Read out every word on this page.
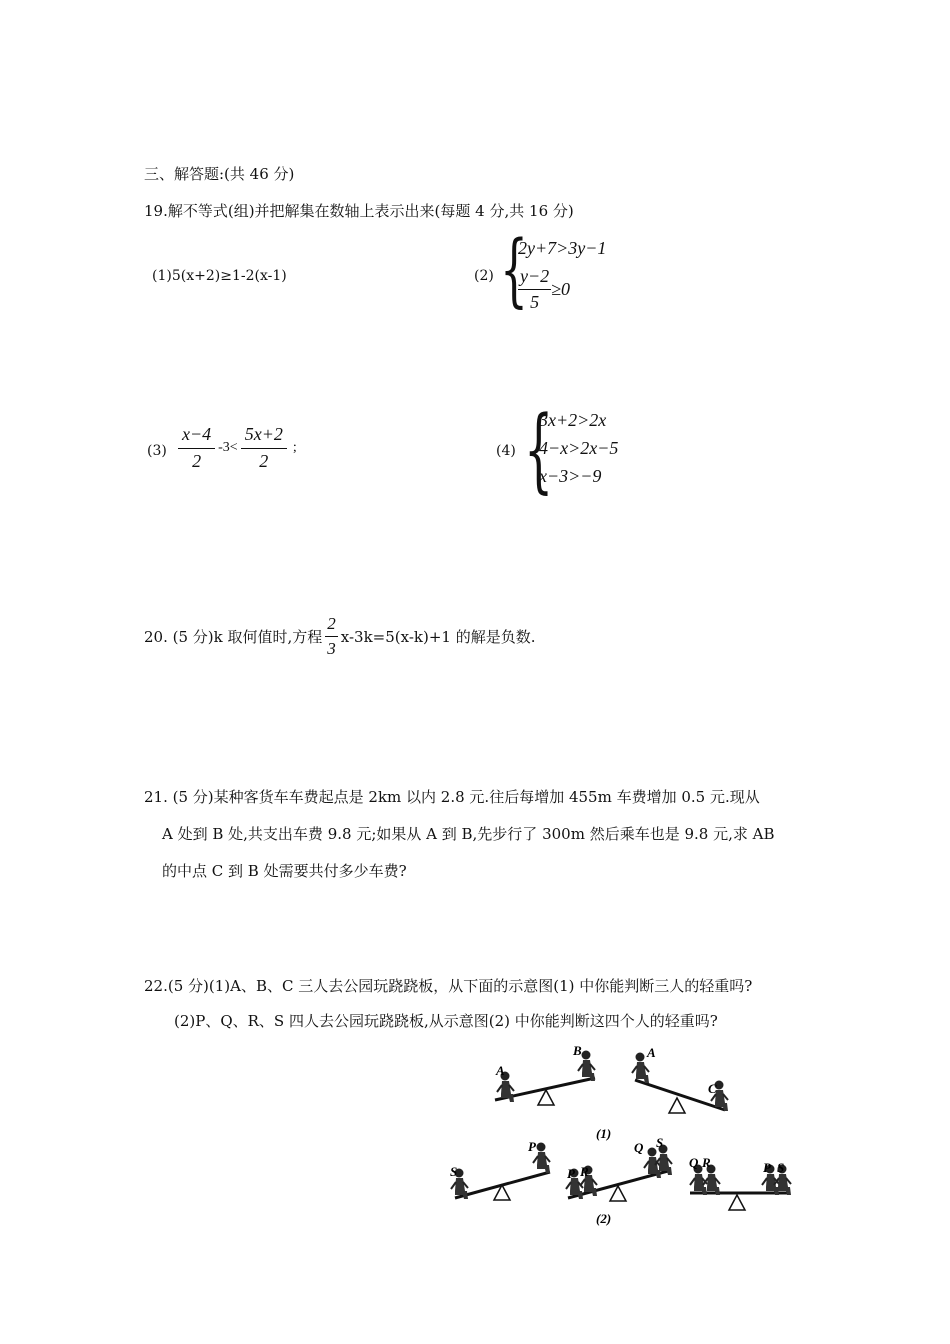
三、解答题:(共 46 分)
19.解不等式(组)并把解集在数轴上表示出来(每题 4 分,共 16 分)
(1)5(x+2)≥1-2(x-1)	(2) {
2y+7>3y−1
$\frac{y-2}{5} \ge 0$
$(3) \frac{x-4}{2} -3< \frac{5x+2}{2}$ ;	(4) {
3x+2>2x
4−x>2x−5
x−3>−9
20. (5 分)k 取何值时,方程 $\frac{2}{3} x-3k=5(x-k)+1$ 的解是负数.
21. (5 分)某种客货车车费起点是 2km 以内 2.8 元.往后每增加 455m 车费增加 0.5 元.现从
A 处到 B 处,共支出车费 9.8 元;如果从 A 到 B,先步行了 300m 然后乘车也是 9.8 元,求 AB
的中点 C 到 B 处需要共付多少车费?
22.(5 分)(1)A、B、C 三人去公园玩跷跷板，从下面的示意图(1) 中你能判断三人的轻重吗?
(2)P、Q、R、S 四人去公园玩跷跷板,从示意图(2) 中你能判断这四个人的轻重吗?
A
B	A
C
(1)
S
P
P R
Q S
(2)
Q R	P S
